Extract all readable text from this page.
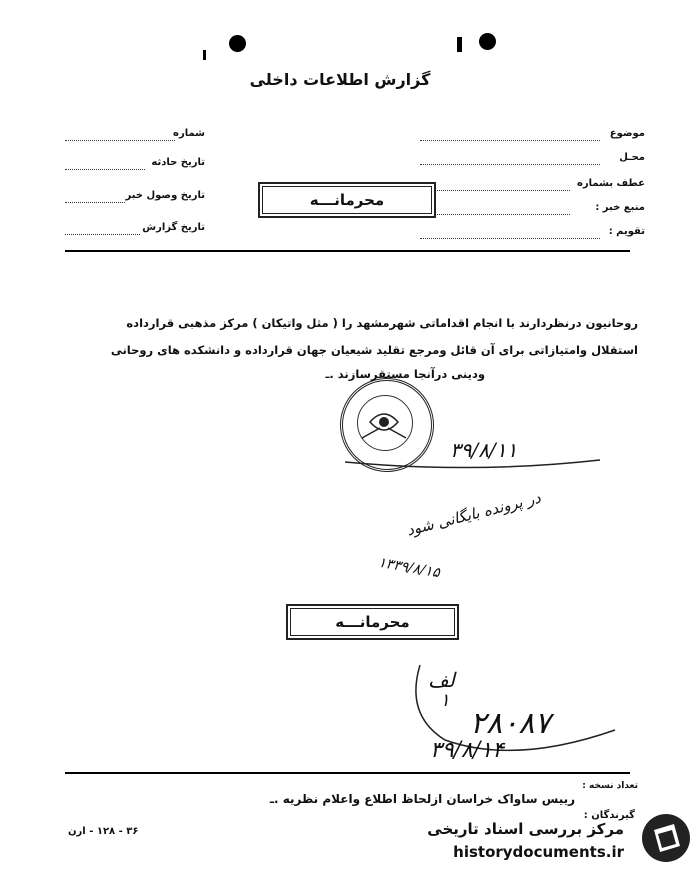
گزارش اطلاعات داخلی
شماره
تاریخ حادثه
تاریخ وصول خبر
تاریخ گزارش
موضوع
محـل
عطف بشماره
منبع خبر :
تقویم :
محرمانـــه
روحانیون درنظردارند با انجام اقداماتی شهرمشهد را ( مثل واتیکان ) مرکز مذهبی قرارداده
استقلال وامتیازاتی برای آن قائل ومرجع تقلید شیعیان جهان قرارداده و دانشکده های روحانی
ودینی درآنجا مستقرسازند .ـ
۳۹/۸/۱۱
در پرونده بایگانی شود
۱۳۳۹/۸/۱۵
محرمانـــه
لف
۱
۲۸۰۸۷
۳۹/۸/۱۴
تعداد نسخه :
رییس ساواک خراسان ازلحاظ اطلاع واعلام نظریه .ـ
گیرندگان :
۳۶ - ۱۲۸ - ارن	مرکز بررسی اسناد تاریخی
historydocuments.ir
